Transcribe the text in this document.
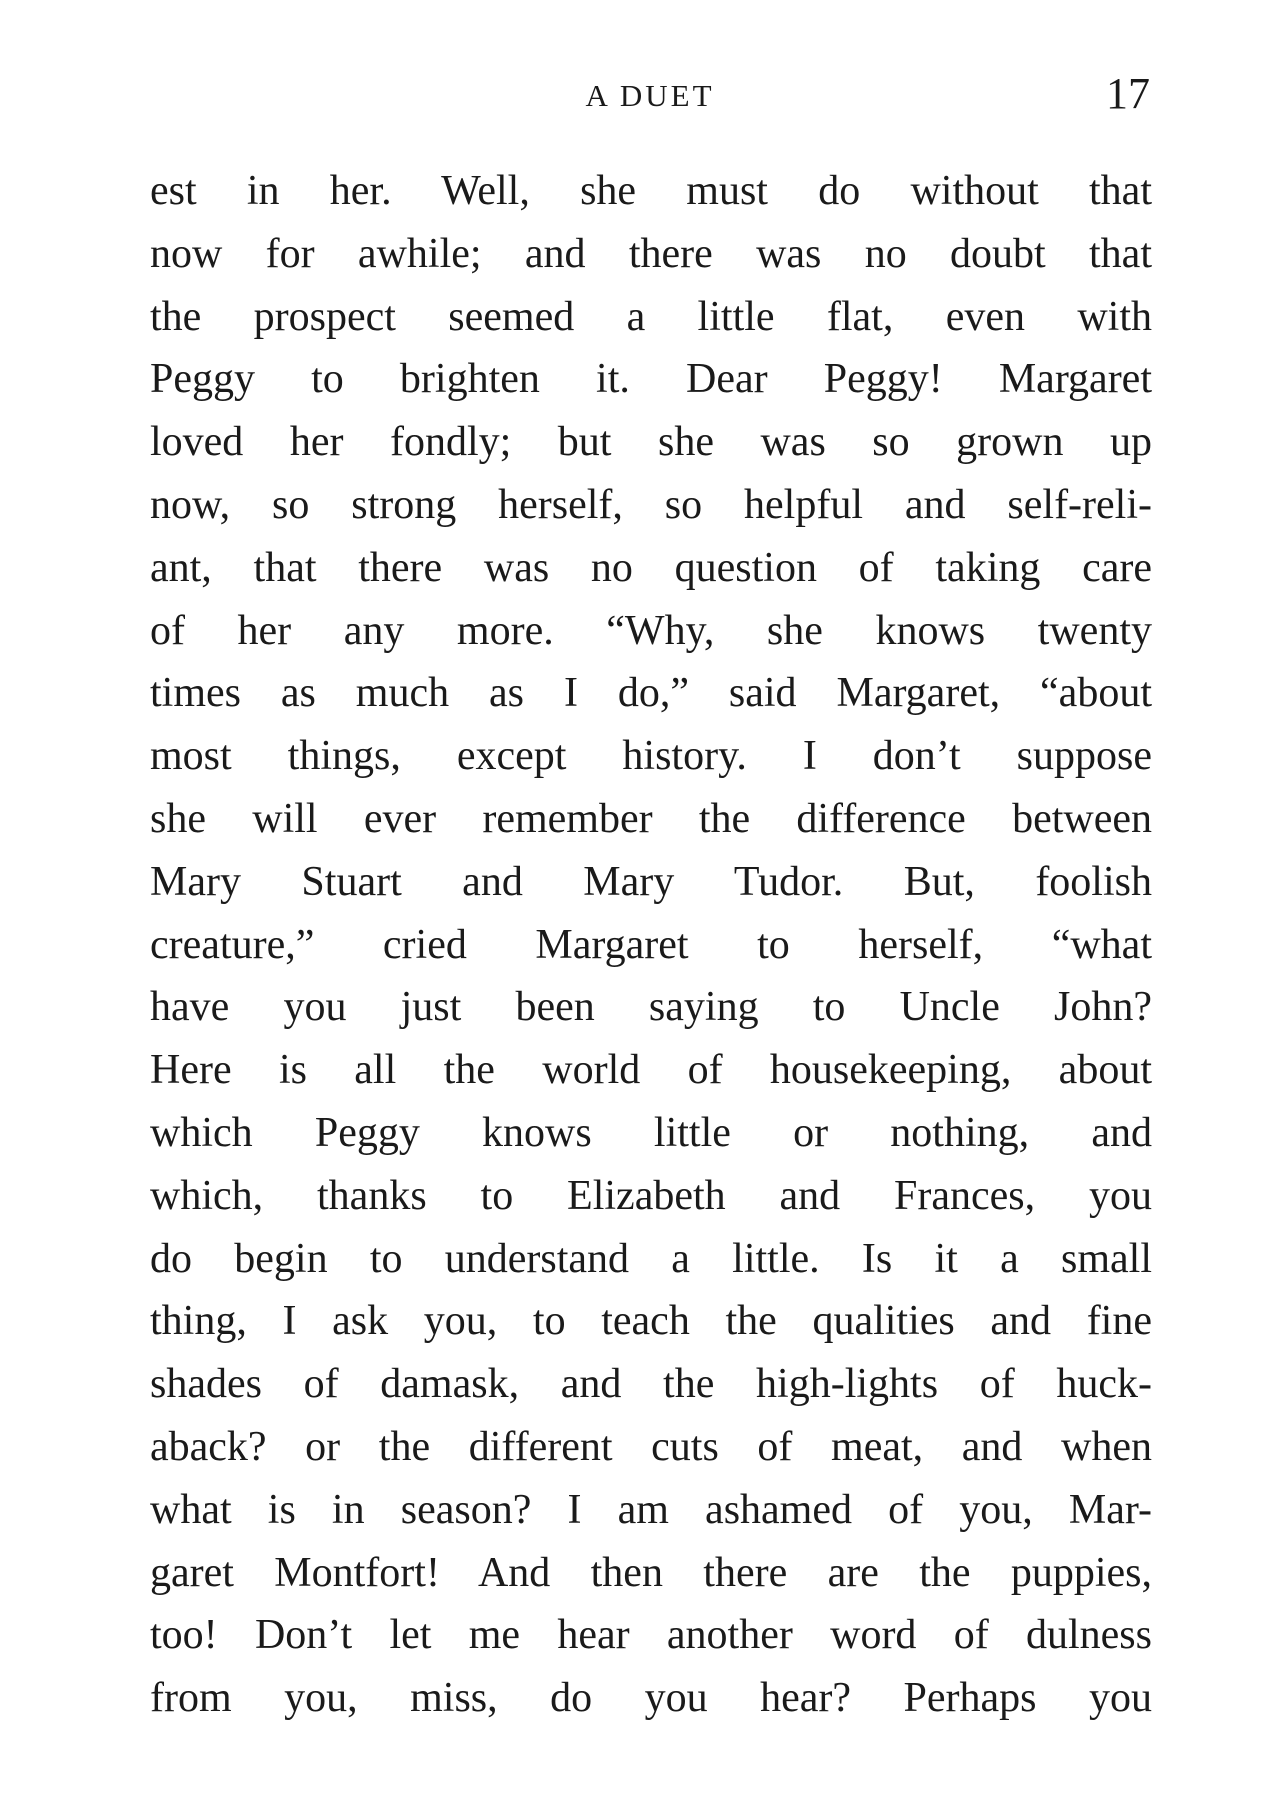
A DUET	17
est in her. Well, she must do without that
now for awhile; and there was no doubt that
the prospect seemed a little flat, even with
Peggy to brighten it. Dear Peggy! Margaret
loved her fondly; but she was so grown up
now, so strong herself, so helpful and self-reli-
ant, that there was no question of taking care
of her any more. “Why, she knows twenty
times as much as I do,” said Margaret, “about
most things, except history. I don’t suppose
she will ever remember the difference between
Mary Stuart and Mary Tudor. But, foolish
creature,” cried Margaret to herself, “what
have you just been saying to Uncle John?
Here is all the world of housekeeping, about
which Peggy knows little or nothing, and
which, thanks to Elizabeth and Frances, you
do begin to understand a little. Is it a small
thing, I ask you, to teach the qualities and fine
shades of damask, and the high-lights of huck-
aback? or the different cuts of meat, and when
what is in season? I am ashamed of you, Mar-
garet Montfort! And then there are the puppies,
too! Don’t let me hear another word of dulness
from you, miss, do you hear? Perhaps you
